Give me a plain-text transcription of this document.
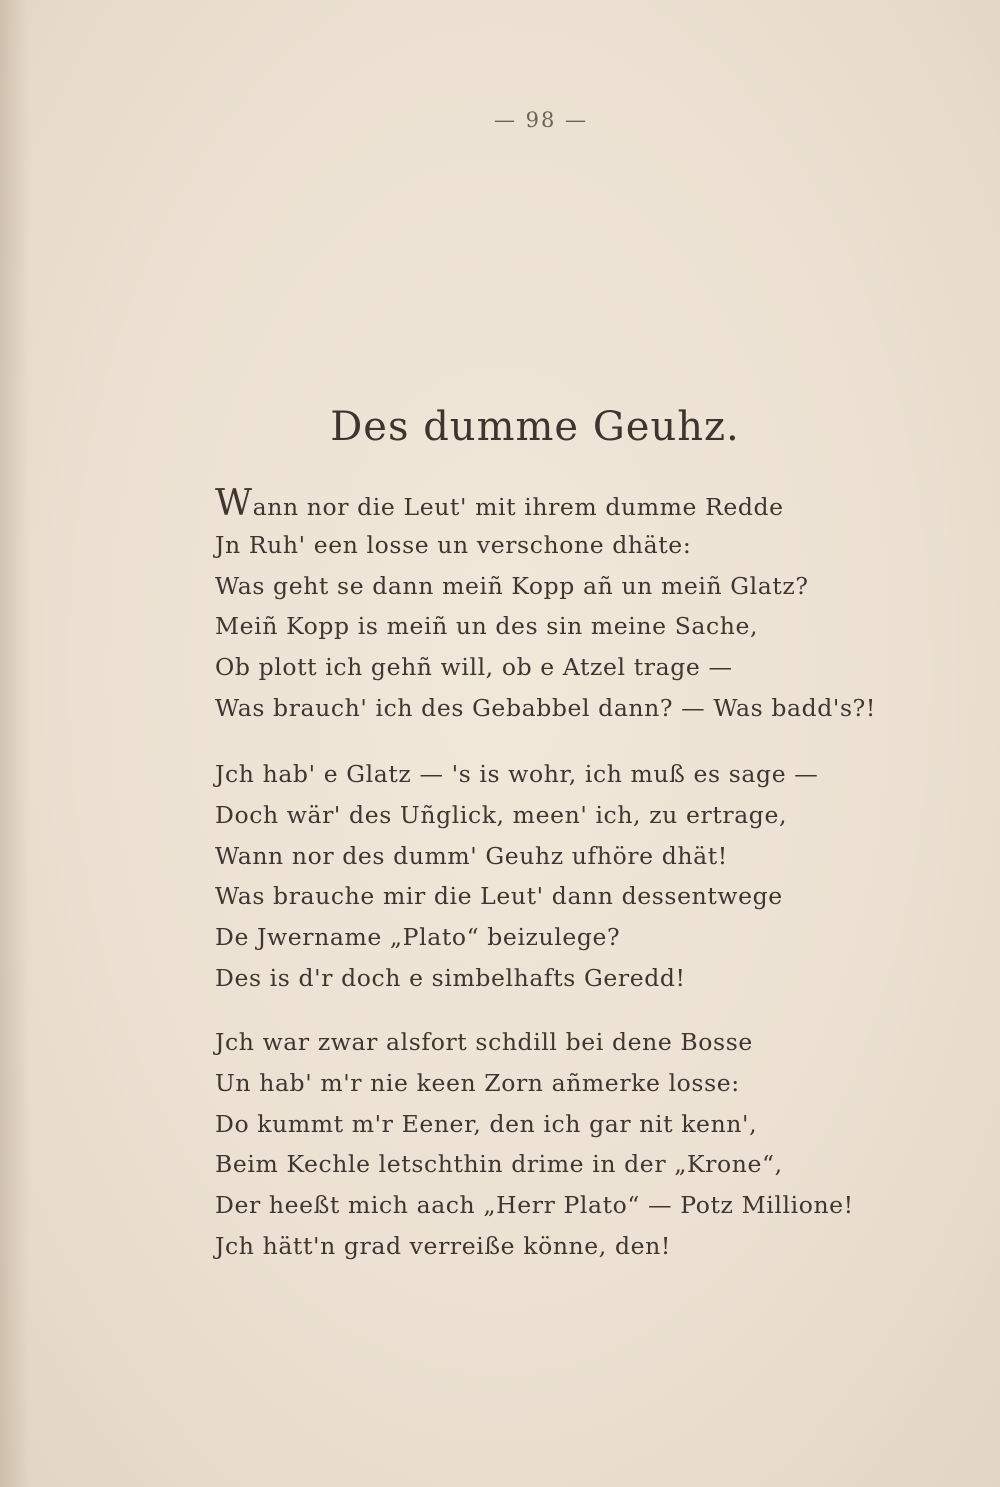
— 98 —
Des dumme Geuhz.
Wann nor die Leut' mit ihrem dumme Redde
Jn Ruh' een losse un verschone dhäte:
Was geht se dann meiñ Kopp añ un meiñ Glatz?
Meiñ Kopp is meiñ un des sin meine Sache,
Ob plott ich gehñ will, ob e Atzel trage —
Was brauch' ich des Gebabbel dann? — Was badd's?!
Jch hab' e Glatz — 's is wohr, ich muß es sage —
Doch wär' des Uñglick, meen' ich, zu ertrage,
Wann nor des dumm' Geuhz ufhöre dhät!
Was brauche mir die Leut' dann dessentwege
De Jwername „Plato“ beizulege?
Des is d'r doch e simbelhafts Geredd!
Jch war zwar alsfort schdill bei dene Bosse
Un hab' m'r nie keen Zorn añmerke losse:
Do kummt m'r Eener, den ich gar nit kenn',
Beim Kechle letschthin drime in der „Krone“,
Der heeßt mich aach „Herr Plato“ — Potz Millione!
Jch hätt'n grad verreiße könne, den!
